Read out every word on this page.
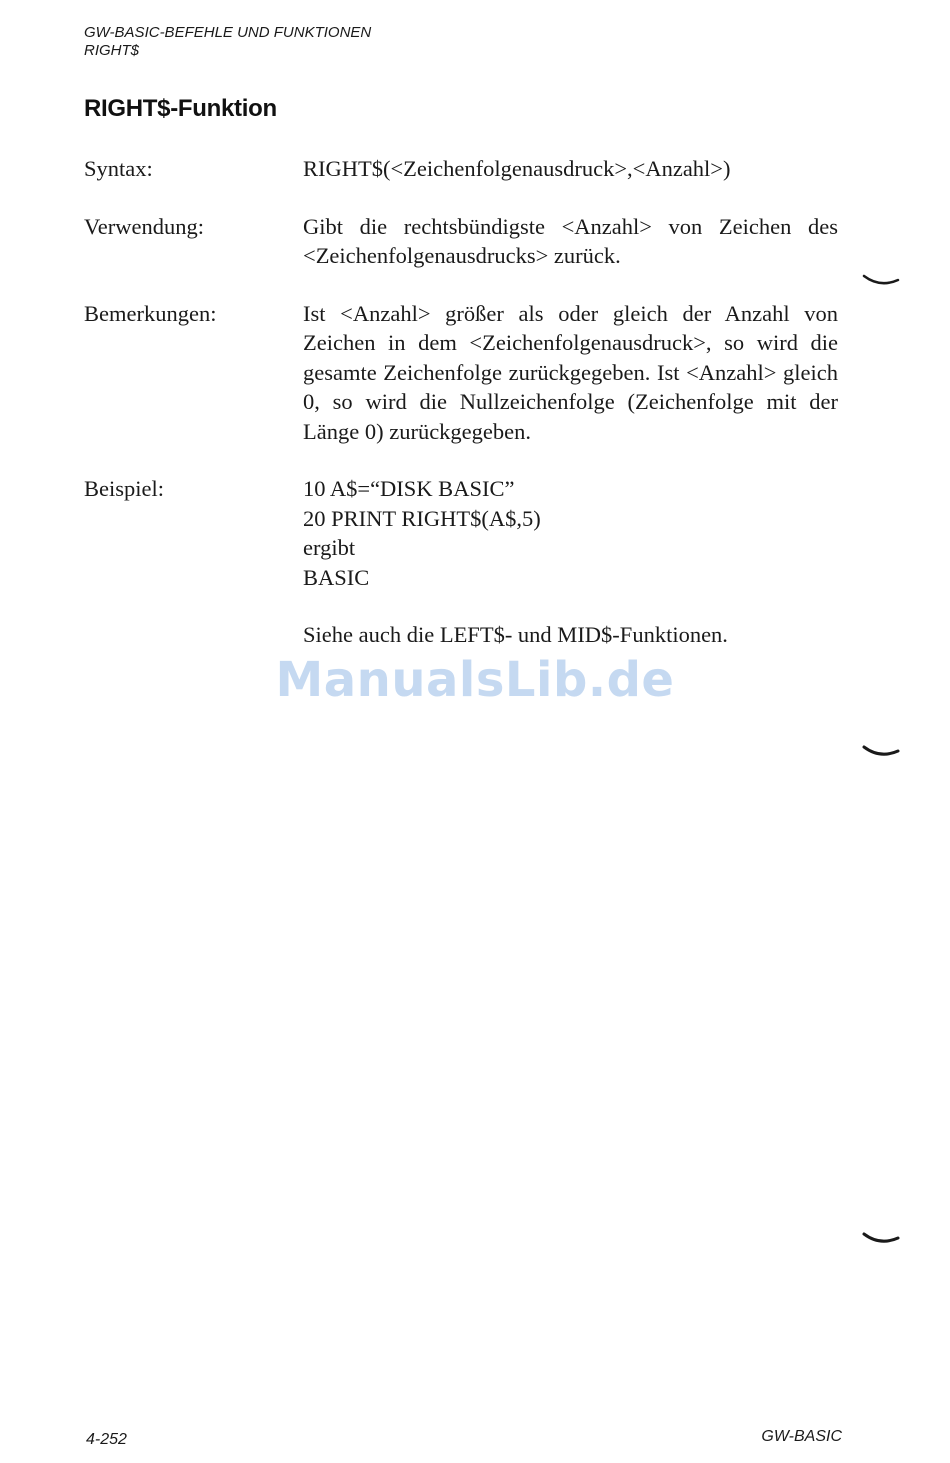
GW-BASIC-BEFEHLE UND FUNKTIONEN
RIGHT$
RIGHT$-Funktion
Syntax:	RIGHT$(<Zeichenfolgenausdruck>,<Anzahl>)
Verwendung:	Gibt die rechtsbündigste <Anzahl> von Zeichen des <Zeichenfolgenausdrucks> zurück.
Bemerkungen:	Ist <Anzahl> größer als oder gleich der Anzahl von Zeichen in dem <Zeichenfolgenausdruck>, so wird die gesamte Zeichenfolge zurückgegeben. Ist <Anzahl> gleich 0, so wird die Nullzeichenfolge (Zeichenfolge mit der Länge 0) zurückgegeben.
Beispiel:	10 A$=“DISK BASIC”
20 PRINT RIGHT$(A$,5)
ergibt
BASIC
Siehe auch die LEFT$- und MID$-Funktionen.
ManualsLib.de
4-252	GW-BASIC
